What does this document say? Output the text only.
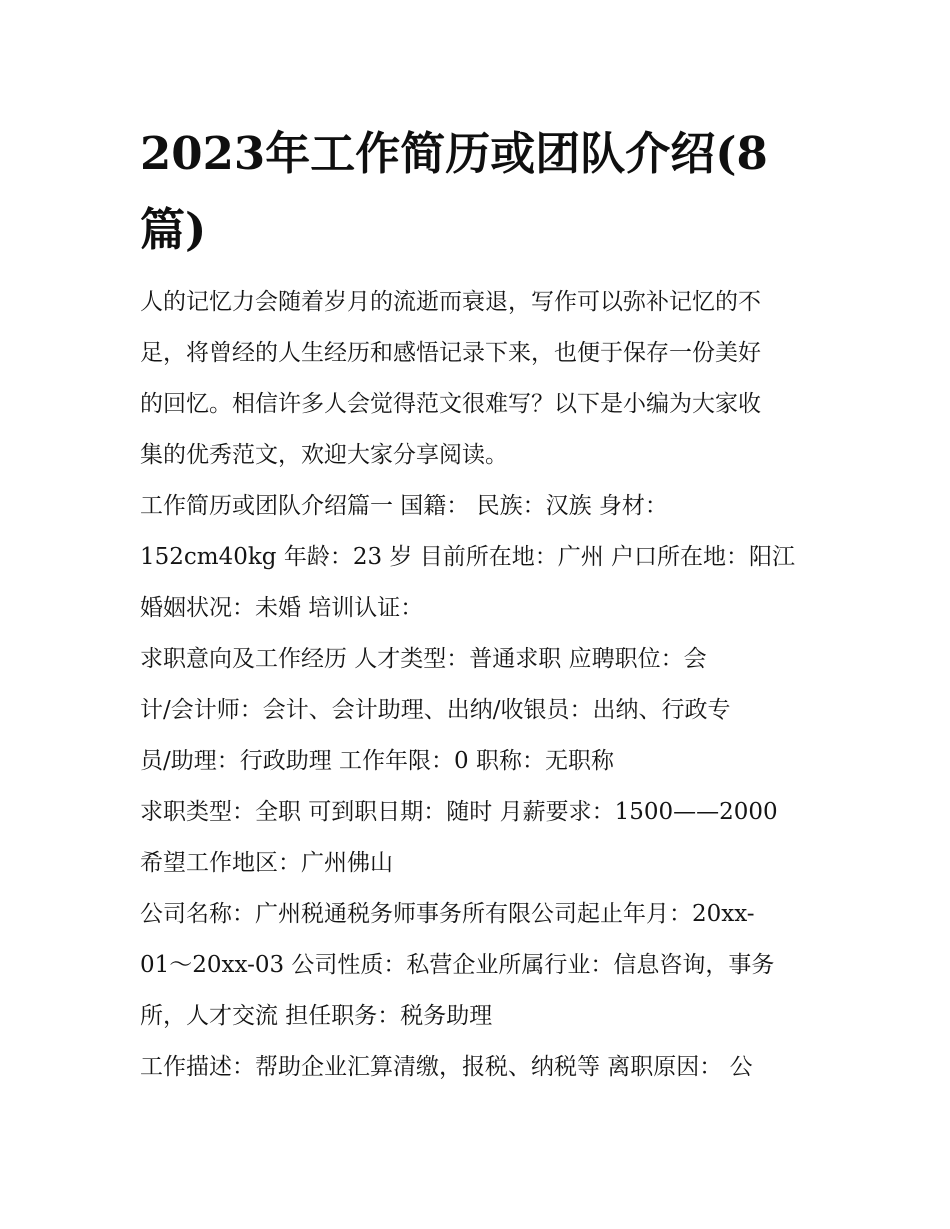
2023年工作简历或团队介绍(8篇)
人的记忆力会随着岁月的流逝而衰退，写作可以弥补记忆的不
足，将曾经的人生经历和感悟记录下来，也便于保存一份美好
的回忆。相信许多人会觉得范文很难写？以下是小编为大家收
集的优秀范文，欢迎大家分享阅读。
工作简历或团队介绍篇一 国籍： 民族：汉族 身材：
152cm40kg 年龄：23 岁 目前所在地：广州 户口所在地：阳江
婚姻状况：未婚 培训认证：
求职意向及工作经历 人才类型：普通求职 应聘职位：会
计/会计师：会计、会计助理、出纳/收银员：出纳、行政专
员/助理：行政助理 工作年限：0 职称：无职称
求职类型：全职 可到职日期：随时 月薪要求：1500——2000
希望工作地区：广州佛山
公司名称：广州税通税务师事务所有限公司起止年月：20xx-
01～20xx-03 公司性质：私营企业所属行业：信息咨询，事务
所，人才交流 担任职务：税务助理
工作描述：帮助企业汇算清缴，报税、纳税等 离职原因： 公
